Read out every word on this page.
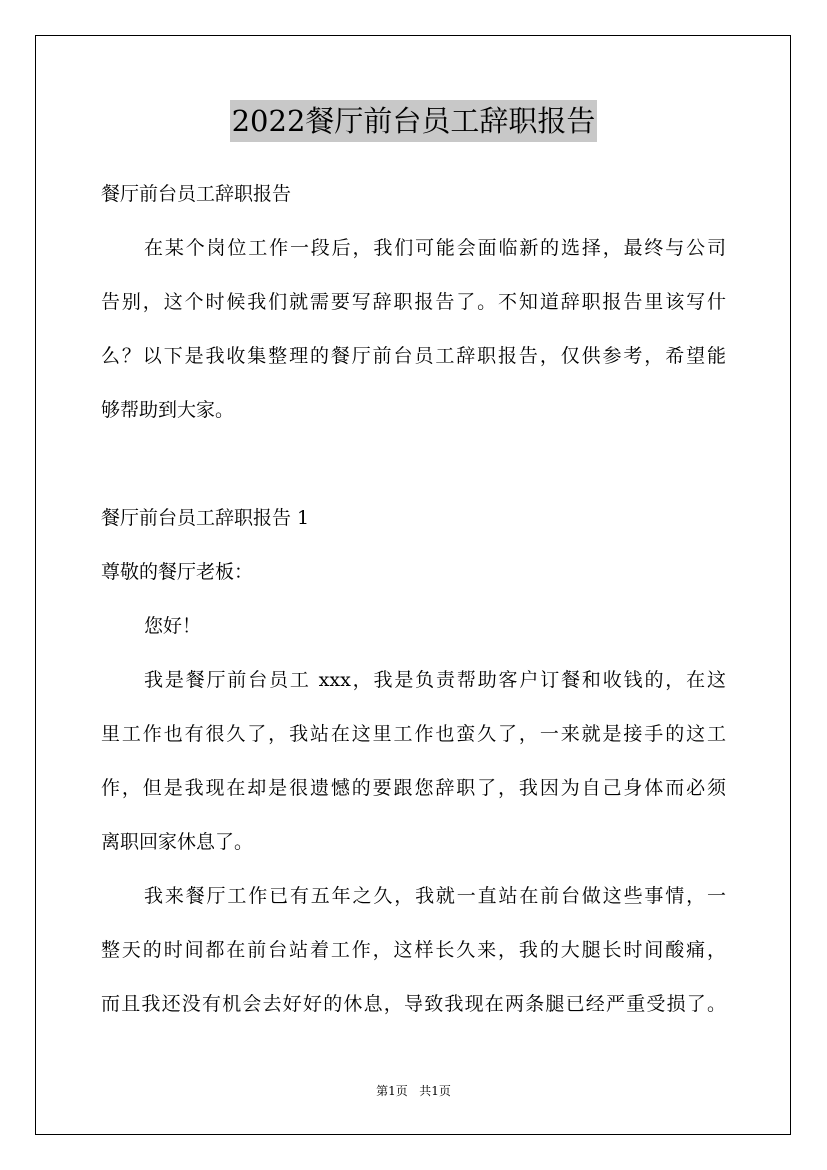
2022餐厅前台员工辞职报告
餐厅前台员工辞职报告
在某个岗位工作一段后，我们可能会面临新的选择，最终与公司
告别，这个时候我们就需要写辞职报告了。不知道辞职报告里该写什
么？以下是我收集整理的餐厅前台员工辞职报告，仅供参考，希望能
够帮助到大家。
餐厅前台员工辞职报告 1
尊敬的餐厅老板：
您好！
我是餐厅前台员工 xxx，我是负责帮助客户订餐和收钱的，在这
里工作也有很久了，我站在这里工作也蛮久了，一来就是接手的这工
作，但是我现在却是很遗憾的要跟您辞职了，我因为自己身体而必须
离职回家休息了。
我来餐厅工作已有五年之久，我就一直站在前台做这些事情，一
整天的时间都在前台站着工作，这样长久来，我的大腿长时间酸痛，
而且我还没有机会去好好的休息，导致我现在两条腿已经严重受损了。
第1页 共1页
